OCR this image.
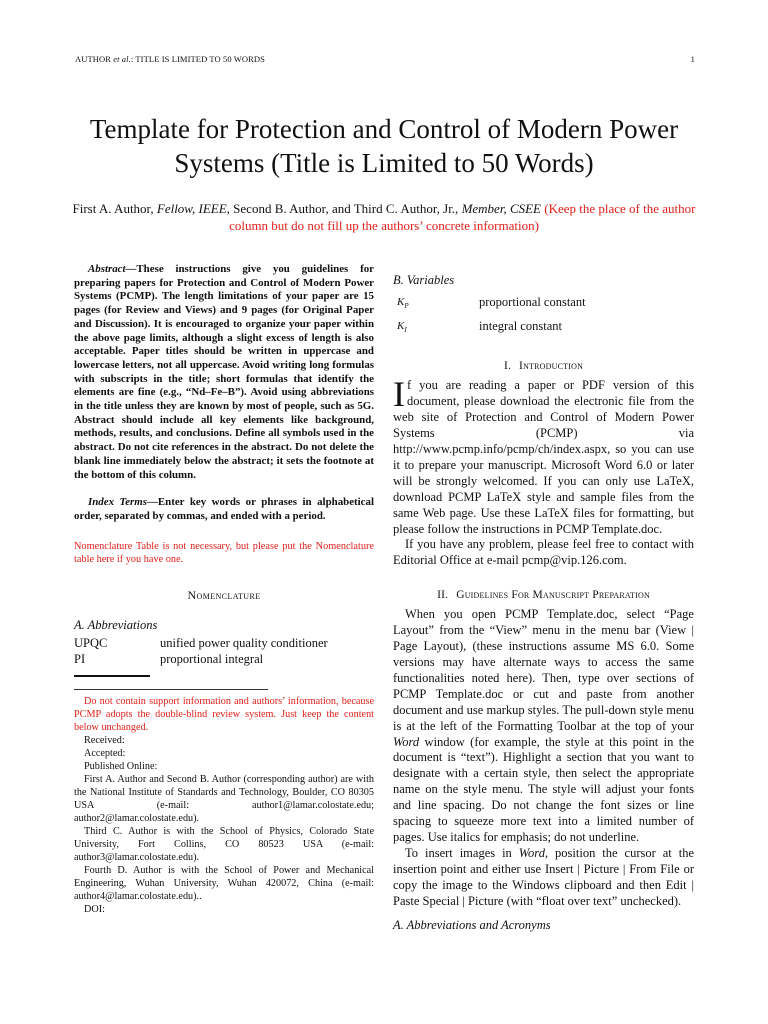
AUTHOR et al.: TITLE IS LIMITED TO 50 WORDS	1
Template for Protection and Control of Modern Power Systems (Title is Limited to 50 Words)
First A. Author, Fellow, IEEE, Second B. Author, and Third C. Author, Jr., Member, CSEE (Keep the place of the author column but do not fill up the authors’ concrete information)

Abstract—These instructions give you guidelines for preparing papers for Protection and Control of Modern Power Systems (PCMP). The length limitations of your paper are 15 pages (for Review and Views) and 9 pages (for Original Paper and Discussion). It is encouraged to organize your paper within the above page limits, although a slight excess of length is also acceptable. Paper titles should be written in uppercase and lowercase letters, not all uppercase. Avoid writing long formulas with subscripts in the title; short formulas that identify the elements are fine (e.g., “Nd–Fe–B”). Avoid using abbreviations in the title unless they are known by most of people, such as 5G. Abstract should include all key elements like background, methods, results, and conclusions. Define all symbols used in the abstract. Do not cite references in the abstract. Do not delete the blank line immediately below the abstract; it sets the footnote at the bottom of this column.

Index Terms—Enter key words or phrases in alphabetical order, separated by commas, and ended with a period.

Nomenclature Table is not necessary, but please put the Nomenclature table here if you have one.

Nomenclature
A. Abbreviations
UPQC	unified power quality conditioner
PI	proportional integral

Do not contain support information and authors’ information, because PCMP adopts the double-blind review system. Just keep the content below unchanged.

Received:

Accepted:

Published Online:

First A. Author and Second B. Author (corresponding author) are with the National Institute of Standards and Technology, Boulder, CO 80305 USA (e-mail: author1@lamar.colostate.edu; author2@lamar.colostate.edu).

Third C. Author is with the School of Physics, Colorado State University, Fort Collins, CO 80523 USA (e-mail: author3@lamar.colostate.edu).

Fourth D. Author is with the School of Power and Mechanical Engineering, Wuhan University, Wuhan 420072, China (e-mail: author4@lamar.colostate.edu)..

DOI:

B. Variables
$K_P$	proportional constant
$K_I$	integral constant
I. Introduction

If you are reading a paper or PDF version of this document, please download the electronic file from the web site of Protection and Control of Modern Power Systems (PCMP) via http://www.pcmp.info/pcmp/ch/index.aspx, so you can use it to prepare your manuscript. Microsoft Word 6.0 or later will be strongly welcomed. If you can only use LaTeX, download PCMP LaTeX style and sample files from the same Web page. Use these LaTeX files for formatting, but please follow the instructions in PCMP Template.doc.

If you have any problem, please feel free to contact with Editorial Office at e-mail pcmp@vip.126.com.

II. Guidelines For Manuscript Preparation

When you open PCMP Template.doc, select “Page Layout” from the “View” menu in the menu bar (View | Page Layout), (these instructions assume MS 6.0. Some versions may have alternate ways to access the same functionalities noted here). Then, type over sections of PCMP Template.doc or cut and paste from another document and use markup styles. The pull-down style menu is at the left of the Formatting Toolbar at the top of your Word window (for example, the style at this point in the document is “text”). Highlight a section that you want to designate with a certain style, then select the appropriate name on the style menu. The style will adjust your fonts and line spacing. Do not change the font sizes or line spacing to squeeze more text into a limited number of pages. Use italics for emphasis; do not underline.

To insert images in Word, position the cursor at the insertion point and either use Insert | Picture | From File or copy the image to the Windows clipboard and then Edit | Paste Special | Picture (with “float over text” unchecked).

A. Abbreviations and Acronyms
